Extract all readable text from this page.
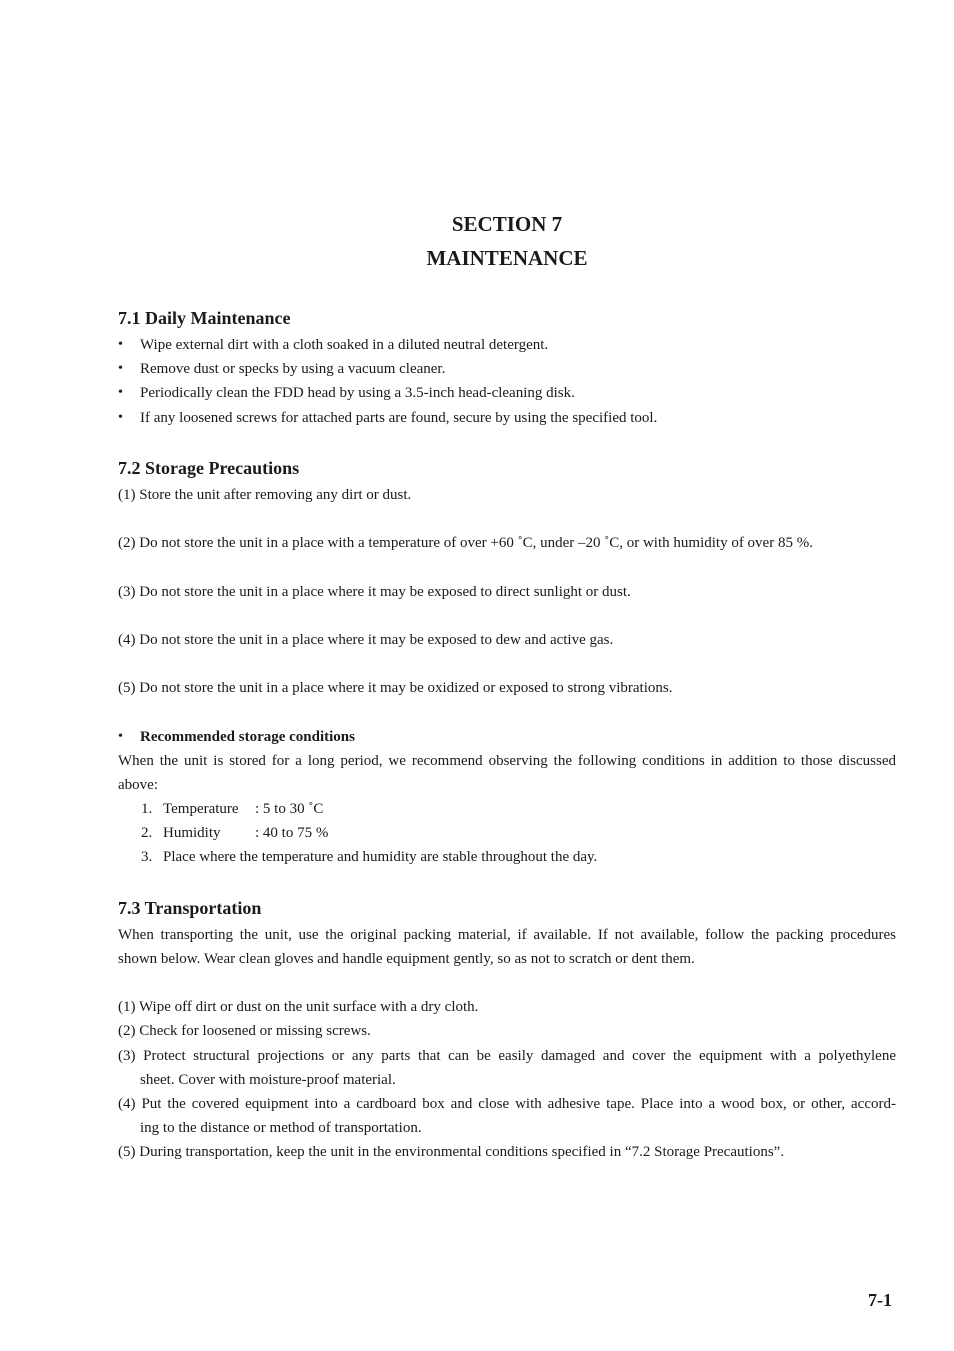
SECTION 7
MAINTENANCE
7.1 Daily Maintenance
• Wipe external dirt with a cloth soaked in a diluted neutral detergent.
• Remove dust or specks by using a vacuum cleaner.
• Periodically clean the FDD head by using a 3.5-inch head-cleaning disk.
• If any loosened screws for attached parts are found, secure by using the specified tool.
7.2 Storage Precautions
(1) Store the unit after removing any dirt or dust.
(2) Do not store the unit in a place with a temperature of over +60 ˚C, under –20 ˚C, or with humidity of over 85 %.
(3) Do not store the unit in a place where it may be exposed to direct sunlight or dust.
(4) Do not store the unit in a place where it may be exposed to dew and active gas.
(5) Do not store the unit in a place where it may be oxidized or exposed to strong vibrations.
• Recommended storage conditions
When the unit is stored for a long period, we recommend observing the following conditions in addition to those discussed
above:
1. Temperature : 5 to 30 ˚C
2. Humidity : 40 to 75 %
3. Place where the temperature and humidity are stable throughout the day.
7.3 Transportation
When transporting the unit, use the original packing material, if available. If not available, follow the packing procedures
shown below. Wear clean gloves and handle equipment gently, so as not to scratch or dent them.
(1) Wipe off dirt or dust on the unit surface with a dry cloth.
(2) Check for loosened or missing screws.
(3) Protect structural projections or any parts that can be easily damaged and cover the equipment with a polyethylene
sheet. Cover with moisture-proof material.
(4) Put the covered equipment into a cardboard box and close with adhesive tape. Place into a wood box, or other, accord-
ing to the distance or method of transportation.
(5) During transportation, keep the unit in the environmental conditions specified in “7.2 Storage Precautions”.
7-1
